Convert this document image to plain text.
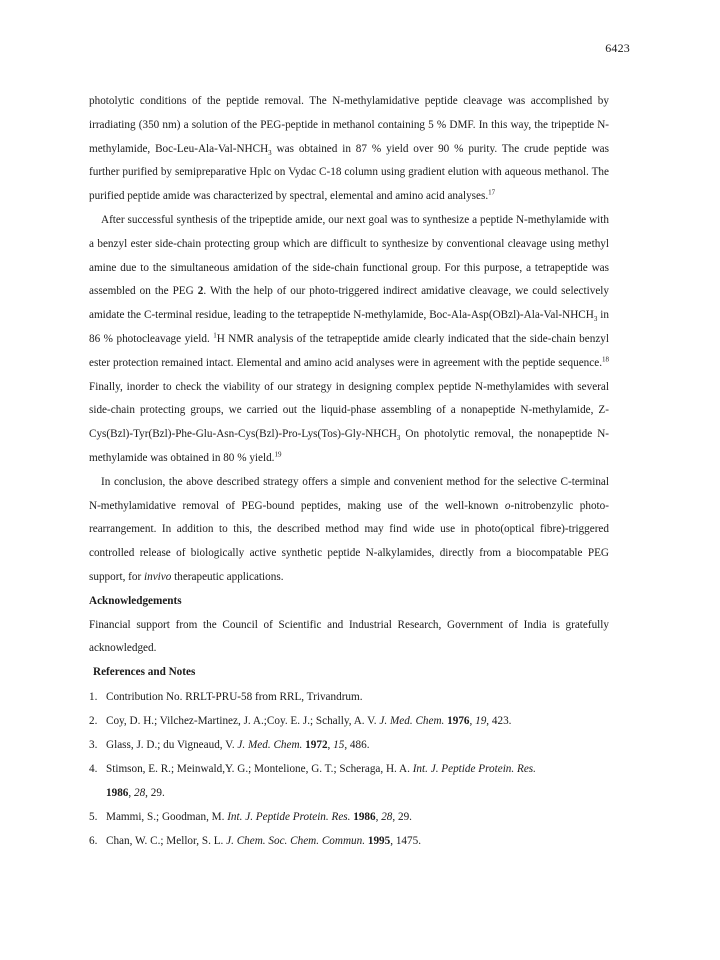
6423

photolytic conditions of the peptide removal. The N-methylamidative peptide cleavage was accomplished by irradiating (350 nm) a solution of the PEG-peptide in methanol containing 5 % DMF. In this way, the tripeptide N-methylamide, Boc-$Leu-Ala-Val-NHCH_3$ was obtained in 87 % yield over 90 % purity. The crude peptide was further purified by semipreparative Hplc on Vydac C-18 column using gradient elution with aqueous methanol. The purified peptide amide was characterized by spectral, elemental and amino acid analyses.$^{17}$

After successful synthesis of the tripeptide amide, our next goal was to synthesize a peptide N-methylamide with a benzyl ester side-chain protecting group which are difficult to synthesize by conventional cleavage using methyl amine due to the simultaneous amidation of the side-chain functional group. For this purpose, a tetrapeptide was assembled on the PEG 2. With the help of our photo-triggered indirect amidative cleavage, we could selectively amidate the C-terminal residue, leading to the tetrapeptide N-methylamide, Boc-$Ala-Asp(OBzl)-Ala-Val-NHCH_3$ in 86 % photocleavage yield. $^1$H NMR analysis of the tetrapeptide amide clearly indicated that the side-chain benzyl ester protection remained intact. Elemental and amino acid analyses were in agreement with the peptide sequence.$^{18}$ Finally, inorder to check the viability of our strategy in designing complex peptide N-methylamides with several side-chain protecting groups, we carried out the liquid-phase assembling of a nonapeptide N-methylamide, $Z-Cys(Bzl)-Tyr(Bzl)-Phe-Glu-Asn-Cys(Bzl)-Pro-Lys(Tos)-Gly-NHCH_3$ On photolytic removal, the nonapeptide N-methylamide was obtained in 80 % yield.$^{19}$

In conclusion, the above described strategy offers a simple and convenient method for the selective C-terminal N-methylamidative removal of PEG-bound peptides, making use of the well-known o-nitrobenzylic photo-rearrangement. In addition to this, the described method may find wide use in photo(optical fibre)-triggered controlled release of biologically active synthetic peptide N-alkylamides, directly from a biocompatable PEG support, for invivo therapeutic applications.

Acknowledgements

Financial support from the Council of Scientific and Industrial Research, Government of India is gratefully acknowledged.

References and Notes

1. Contribution No. RRLT-PRU-58 from RRL, Trivandrum.
2. Coy, D. H.; Vilchez-Martinez, J. A.;Coy. E. J.; Schally, A. V. J. Med. Chem. 1976, 19, 423.
3. Glass, J. D.; du Vigneaud, V. J. Med. Chem. 1972, 15, 486.
4. Stimson, E. R.; Meinwald,Y. G.; Montelione, G. T.; Scheraga, H. A. Int. J. Peptide Protein. Res.
1986, 28, 29.
5. Mammi, S.; Goodman, M. Int. J. Peptide Protein. Res. 1986, 28, 29.
6. Chan, W. C.; Mellor, S. L. J. Chem. Soc. Chem. Commun. 1995, 1475.
